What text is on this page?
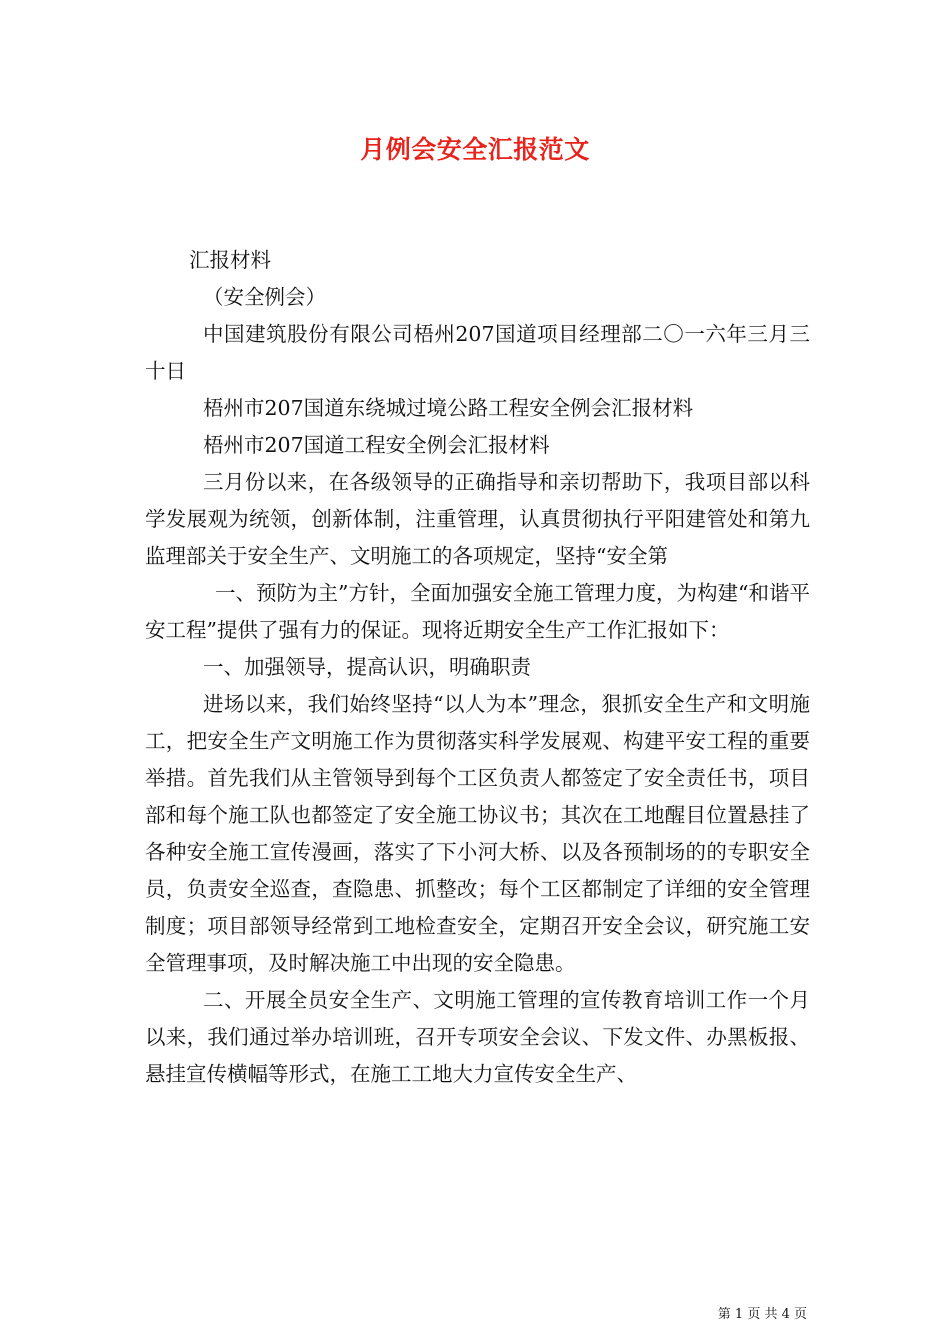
月例会安全汇报范文

汇报材料

（安全例会）

中国建筑股份有限公司梧州207国道项目经理部二〇一六年三月三十日

梧州市207国道东绕城过境公路工程安全例会汇报材料

梧州市207国道工程安全例会汇报材料

三月份以来，在各级领导的正确指导和亲切帮助下，我项目部以科学发展观为统领，创新体制，注重管理，认真贯彻执行平阳建管处和第九监理部关于安全生产、文明施工的各项规定，坚持“安全第

一、预防为主”方针，全面加强安全施工管理力度，为构建“和谐平安工程”提供了强有力的保证。现将近期安全生产工作汇报如下：

一、加强领导，提高认识，明确职责

进场以来，我们始终坚持“以人为本”理念，狠抓安全生产和文明施工，把安全生产文明施工作为贯彻落实科学发展观、构建平安工程的重要举措。首先我们从主管领导到每个工区负责人都签定了安全责任书，项目部和每个施工队也都签定了安全施工协议书；其次在工地醒目位置悬挂了各种安全施工宣传漫画，落实了下小河大桥、以及各预制场的的专职安全员，负责安全巡查，查隐患、抓整改；每个工区都制定了详细的安全管理制度；项目部领导经常到工地检查安全，定期召开安全会议，研究施工安全管理事项，及时解决施工中出现的安全隐患。

二、开展全员安全生产、文明施工管理的宣传教育培训工作一个月以来，我们通过举办培训班，召开专项安全会议、下发文件、办黑板报、悬挂宣传横幅等形式，在施工工地大力宣传安全生产、

第 1 页 共 4 页
